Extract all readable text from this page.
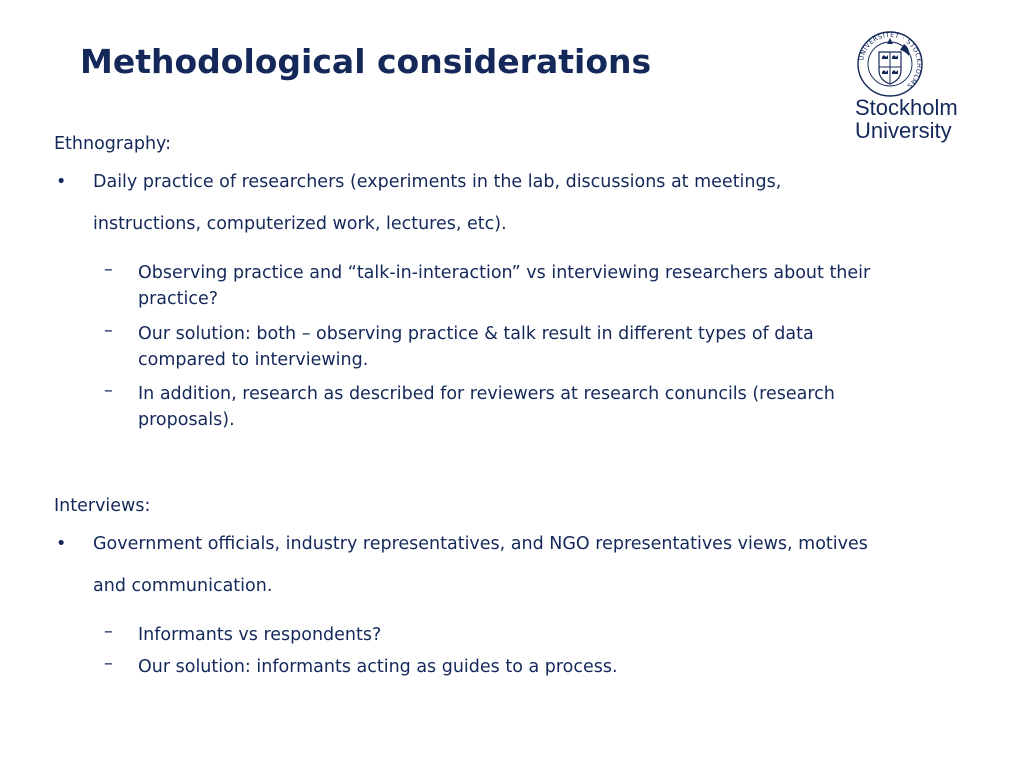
Methodological considerations	UNIVERSITET · STOCKHOLMS
Stockholm
University
Ethnography:
• Daily practice of researchers (experiments in the lab, discussions at meetings, instructions, computerized work, lectures, etc).
– Observing practice and “talk-in-interaction” vs interviewing researchers about their practice?
– Our solution: both – observing practice & talk result in different types of data compared to interviewing.
– In addition, research as described for reviewers at research conuncils (research proposals).
Interviews:
• Government officials, industry representatives, and NGO representatives views, motives and communication.
– Informants vs respondents?
– Our solution: informants acting as guides to a process.
